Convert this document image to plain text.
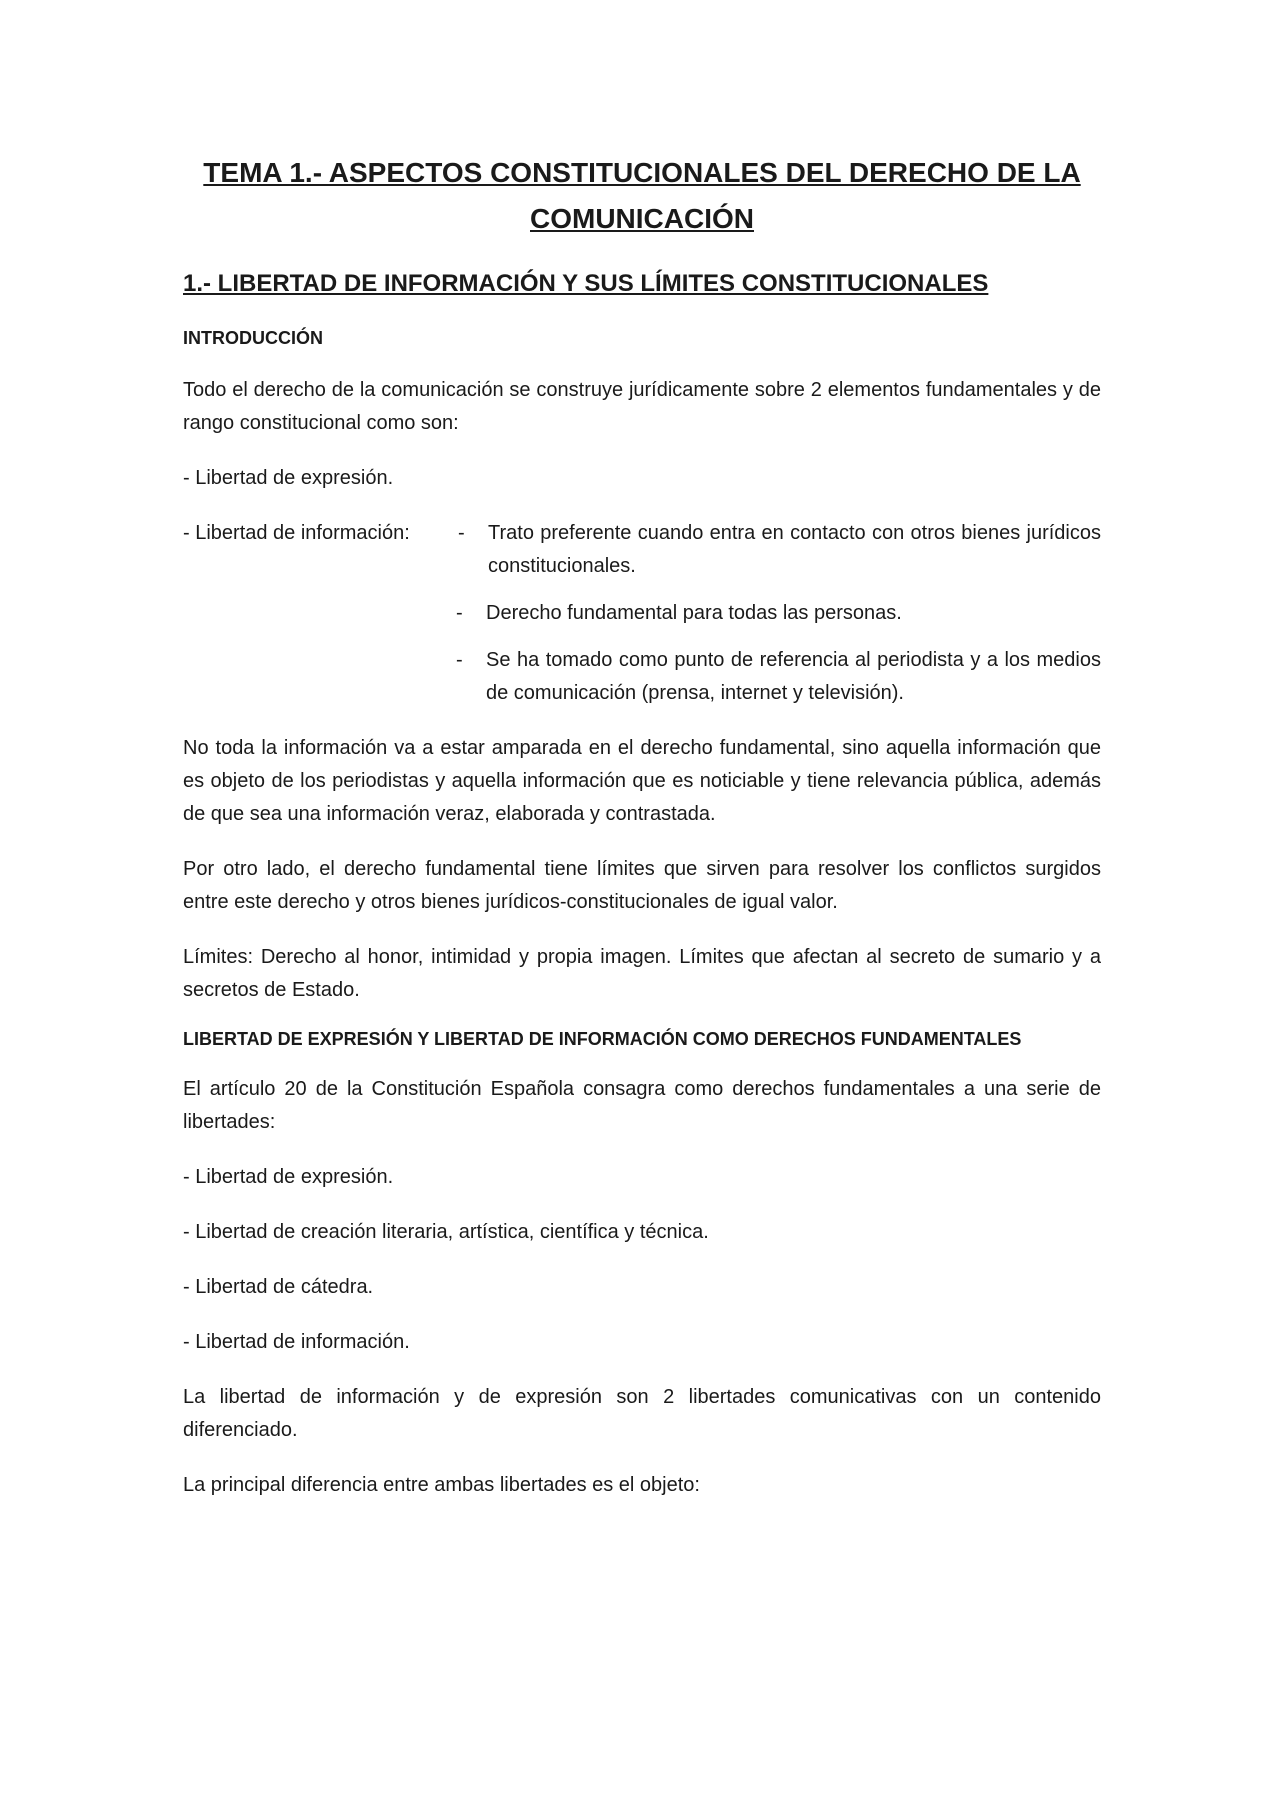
TEMA 1.- ASPECTOS CONSTITUCIONALES DEL DERECHO DE LA
COMUNICACIÓN
1.- LIBERTAD DE INFORMACIÓN Y SUS LÍMITES CONSTITUCIONALES
INTRODUCCIÓN

Todo el derecho de la comunicación se construye jurídicamente sobre 2 elementos fundamentales y de rango constitucional como son:

- Libertad de expresión.

- Libertad de información:	-	Trato preferente cuando entra en contacto con otros bienes jurídicos constitucionales.
-	Derecho fundamental para todas las personas.
-	Se ha tomado como punto de referencia al periodista y a los medios de comunicación (prensa, internet y televisión).

No toda la información va a estar amparada en el derecho fundamental, sino aquella información que es objeto de los periodistas y aquella información que es noticiable y tiene relevancia pública, además de que sea una información veraz, elaborada y contrastada.

Por otro lado, el derecho fundamental tiene límites que sirven para resolver los conflictos surgidos entre este derecho y otros bienes jurídicos-constitucionales de igual valor.

Límites: Derecho al honor, intimidad y propia imagen. Límites que afectan al secreto de sumario y a secretos de Estado.

LIBERTAD DE EXPRESIÓN Y LIBERTAD DE INFORMACIÓN COMO DERECHOS FUNDAMENTALES

El artículo 20 de la Constitución Española consagra como derechos fundamentales a una serie de libertades:

- Libertad de expresión.

- Libertad de creación literaria, artística, científica y técnica.

- Libertad de cátedra.

- Libertad de información.

La libertad de información y de expresión son 2 libertades comunicativas con un contenido diferenciado.

La principal diferencia entre ambas libertades es el objeto:
